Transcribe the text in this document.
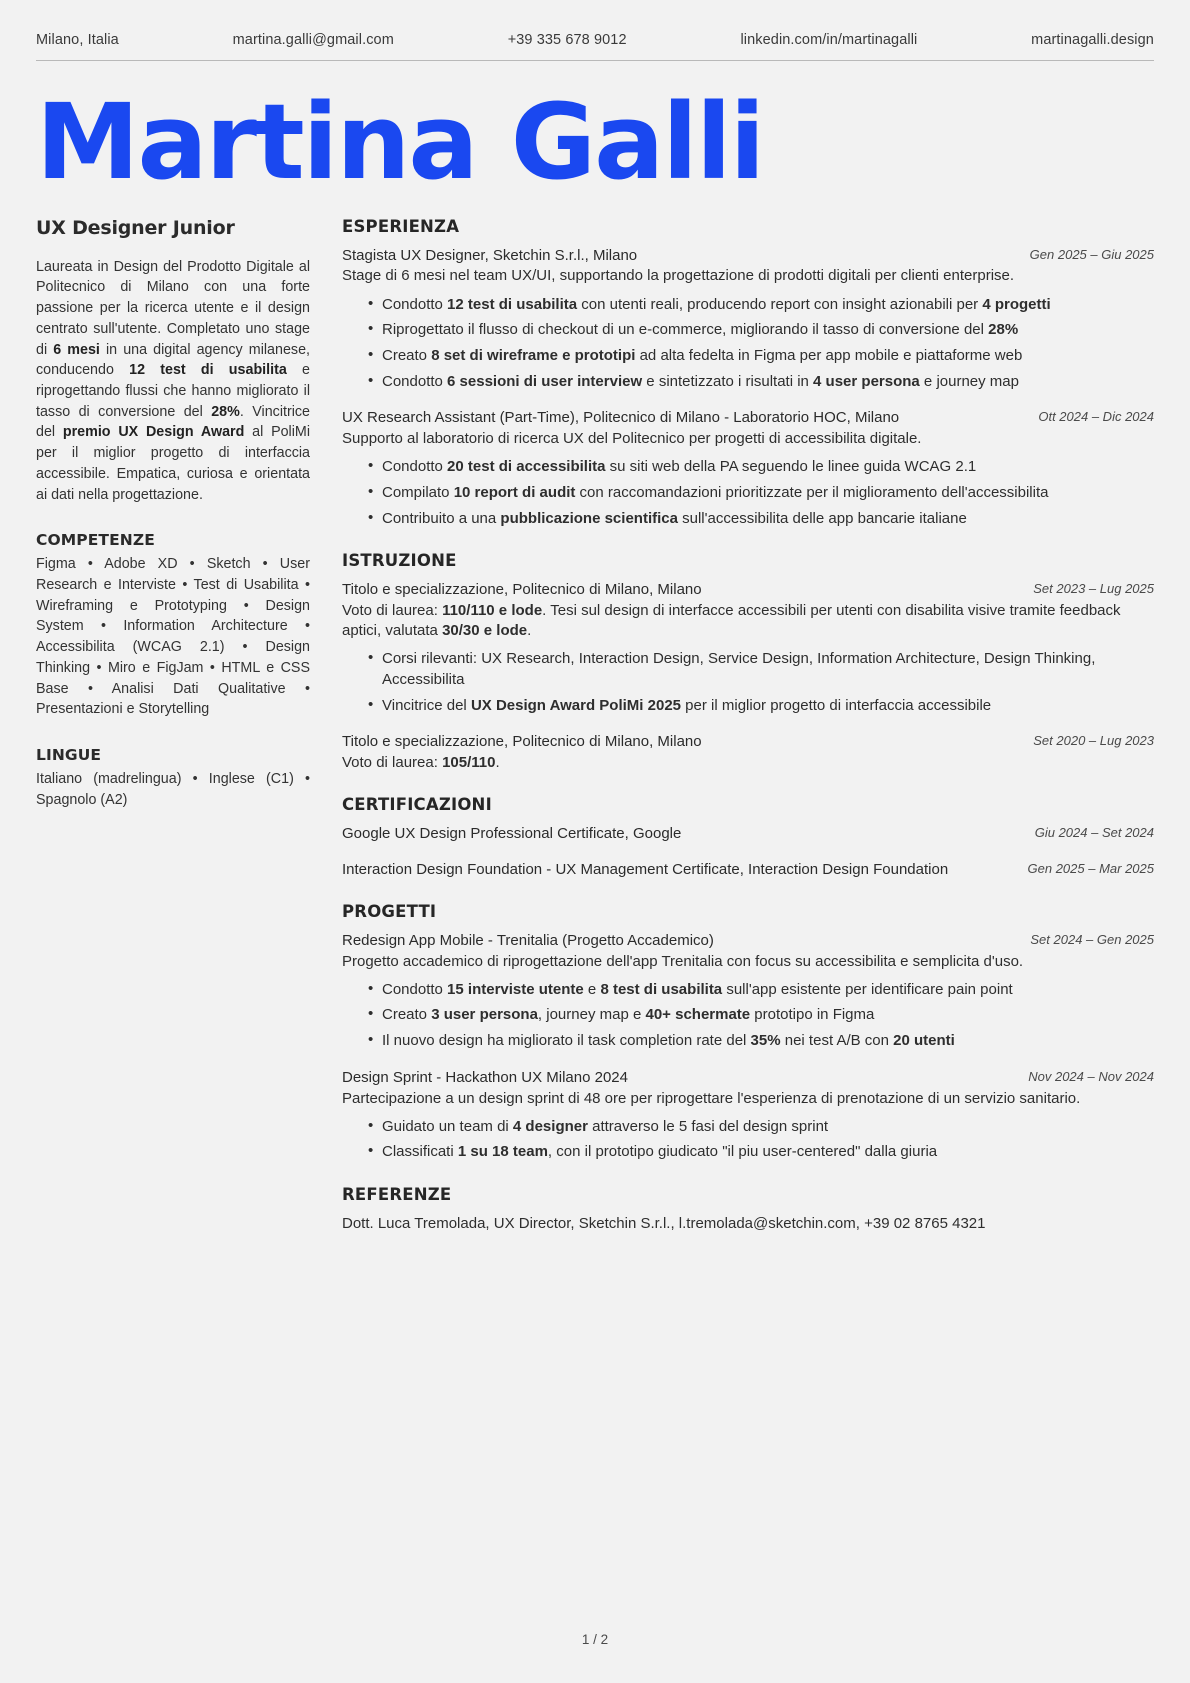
Milano, Italia	martina.galli@gmail.com	+39 335 678 9012	linkedin.com/in/martinagalli	martinagalli.design
Martina Galli
UX Designer Junior
Laureata in Design del Prodotto Digitale al Politecnico di Milano con una forte passione per la ricerca utente e il design centrato sull'utente. Completato uno stage di 6 mesi in una digital agency milanese, conducendo 12 test di usabilita e riprogettando flussi che hanno migliorato il tasso di conversione del 28%. Vincitrice del premio UX Design Award al PoliMi per il miglior progetto di interfaccia accessibile. Empatica, curiosa e orientata ai dati nella progettazione.
COMPETENZE
Figma • Adobe XD • Sketch • User Research e Interviste • Test di Usabilita • Wireframing e Prototyping • Design System • Information Architecture • Accessibilita (WCAG 2.1) • Design Thinking • Miro e FigJam • HTML e CSS Base • Analisi Dati Qualitative • Presentazioni e Storytelling
LINGUE
Italiano (madrelingua) • Inglese (C1) • Spagnolo (A2)
ESPERIENZA
Stagista UX Designer, Sketchin S.r.l., Milano	Gen 2025 – Giu 2025
Stage di 6 mesi nel team UX/UI, supportando la progettazione di prodotti digitali per clienti enterprise.
• Condotto 12 test di usabilita con utenti reali, producendo report con insight azionabili per 4 progetti
• Riprogettato il flusso di checkout di un e-commerce, migliorando il tasso di conversione del 28%
• Creato 8 set di wireframe e prototipi ad alta fedelta in Figma per app mobile e piattaforme web
• Condotto 6 sessioni di user interview e sintetizzato i risultati in 4 user persona e journey map
UX Research Assistant (Part-Time), Politecnico di Milano - Laboratorio HOC, Milano	Ott 2024 – Dic 2024
Supporto al laboratorio di ricerca UX del Politecnico per progetti di accessibilita digitale.
• Condotto 20 test di accessibilita su siti web della PA seguendo le linee guida WCAG 2.1
• Compilato 10 report di audit con raccomandazioni prioritizzate per il miglioramento dell'accessibilita
• Contribuito a una pubblicazione scientifica sull'accessibilita delle app bancarie italiane
ISTRUZIONE
Titolo e specializzazione, Politecnico di Milano, Milano	Set 2023 – Lug 2025
Voto di laurea: 110/110 e lode. Tesi sul design di interfacce accessibili per utenti con disabilita visive tramite feedback aptici, valutata 30/30 e lode.
• Corsi rilevanti: UX Research, Interaction Design, Service Design, Information Architecture, Design Thinking, Accessibilita
• Vincitrice del UX Design Award PoliMi 2025 per il miglior progetto di interfaccia accessibile
Titolo e specializzazione, Politecnico di Milano, Milano	Set 2020 – Lug 2023
Voto di laurea: 105/110.
CERTIFICAZIONI
Google UX Design Professional Certificate, Google	Giu 2024 – Set 2024
Interaction Design Foundation - UX Management Certificate, Interaction Design Foundation	Gen 2025 – Mar 2025
PROGETTI
Redesign App Mobile - Trenitalia (Progetto Accademico)	Set 2024 – Gen 2025
Progetto accademico di riprogettazione dell'app Trenitalia con focus su accessibilita e semplicita d'uso.
• Condotto 15 interviste utente e 8 test di usabilita sull'app esistente per identificare pain point
• Creato 3 user persona, journey map e 40+ schermate prototipo in Figma
• Il nuovo design ha migliorato il task completion rate del 35% nei test A/B con 20 utenti
Design Sprint - Hackathon UX Milano 2024	Nov 2024 – Nov 2024
Partecipazione a un design sprint di 48 ore per riprogettare l'esperienza di prenotazione di un servizio sanitario.
• Guidato un team di 4 designer attraverso le 5 fasi del design sprint
• Classificati 1 su 18 team, con il prototipo giudicato "il piu user-centered" dalla giuria
REFERENZE
Dott. Luca Tremolada, UX Director, Sketchin S.r.l., l.tremolada@sketchin.com, +39 02 8765 4321
1 / 2
